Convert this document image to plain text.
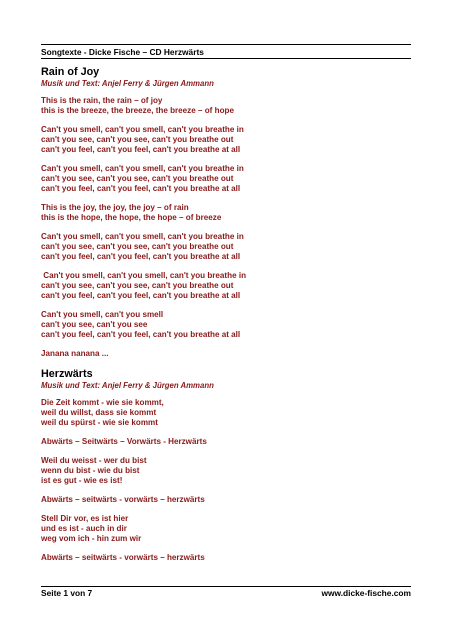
Songtexte - Dicke Fische – CD Herzwärts
Rain of Joy
Musik und Text: Anjel Ferry & Jürgen Ammann
This is the rain, the rain – of joy
this is the breeze, the breeze, the breeze – of hope
Can't you smell, can't you smell, can't you breathe in
can't you see, can't you see, can't you breathe out
can't you feel, can't you feel, can't you breathe at all
Can't you smell, can't you smell, can't you breathe in
can't you see, can't you see, can't you breathe out
can't you feel, can't you feel, can't you breathe at all
This is the joy, the joy, the joy – of rain
this is the hope, the hope, the hope – of breeze
Can't you smell, can't you smell, can't you breathe in
can't you see, can't you see, can't you breathe out
can't you feel, can't you feel, can't you breathe at all
Can't you smell, can't you smell, can't you breathe in
can't you see, can't you see, can't you breathe out
can't you feel, can't you feel, can't you breathe at all
Can't you smell, can't you smell
can't you see, can't you see
can't you feel, can't you feel, can't you breathe at all
Janana nanana ...
Herzwärts
Musik und Text: Anjel Ferry & Jürgen Ammann
Die Zeit kommt - wie sie kommt,
weil du willst, dass sie kommt
weil du spürst - wie sie kommt
Abwärts – Seitwärts – Vorwärts - Herzwärts
Weil du weisst - wer du bist
wenn du bist - wie du bist
ist es gut - wie es ist!
Abwärts – seitwärts - vorwärts – herzwärts
Stell Dir vor, es ist hier
und es ist - auch in dir
weg vom ich - hin zum wir
Abwärts – seitwärts - vorwärts – herzwärts
Seite 1 von 7	www.dicke-fische.com
